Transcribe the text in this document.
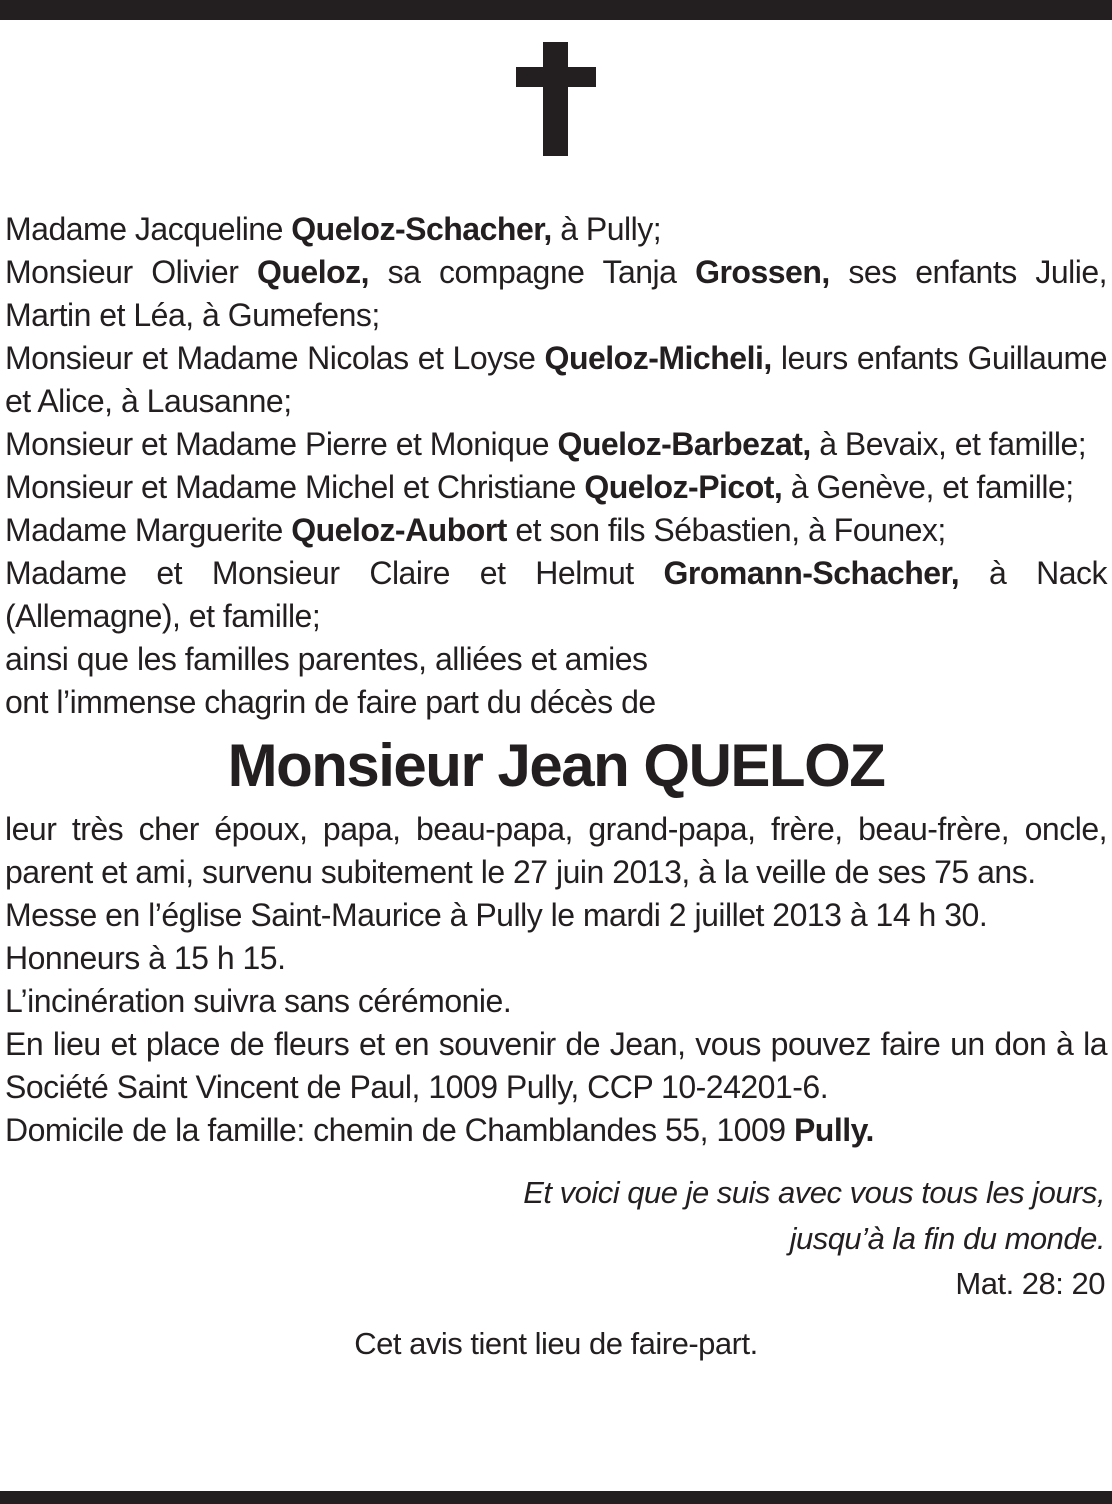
Madame Jacqueline Queloz-Schacher, à Pully;

Monsieur Olivier Queloz, sa compagne Tanja Grossen, ses enfants Julie, Martin et Léa, à Gumefens;

Monsieur et Madame Nicolas et Loyse Queloz-Micheli, leurs enfants Guillaume et Alice, à Lausanne;

Monsieur et Madame Pierre et Monique Queloz-Barbezat, à Bevaix, et famille;

Monsieur et Madame Michel et Christiane Queloz-Picot, à Genève, et famille;

Madame Marguerite Queloz-Aubort et son fils Sébastien, à Founex;

Madame et Monsieur Claire et Helmut Gromann-Schacher, à Nack (Allemagne), et famille;

ainsi que les familles parentes, alliées et amies

ont l’immense chagrin de faire part du décès de

Monsieur Jean QUELOZ

leur très cher époux, papa, beau-papa, grand-papa, frère, beau-frère, oncle, parent et ami, survenu subitement le 27 juin 2013, à la veille de ses 75 ans.

Messe en l’église Saint-Maurice à Pully le mardi 2 juillet 2013 à 14 h 30.

Honneurs à 15 h 15.

L’incinération suivra sans cérémonie.

En lieu et place de fleurs et en souvenir de Jean, vous pouvez faire un don à la Société Saint Vincent de Paul, 1009 Pully, CCP 10-24201-6.

Domicile de la famille: chemin de Chamblandes 55, 1009 Pully.

Et voici que je suis avec vous tous les jours,

jusqu’à la fin du monde.

Mat. 28: 20

Cet avis tient lieu de faire-part.
